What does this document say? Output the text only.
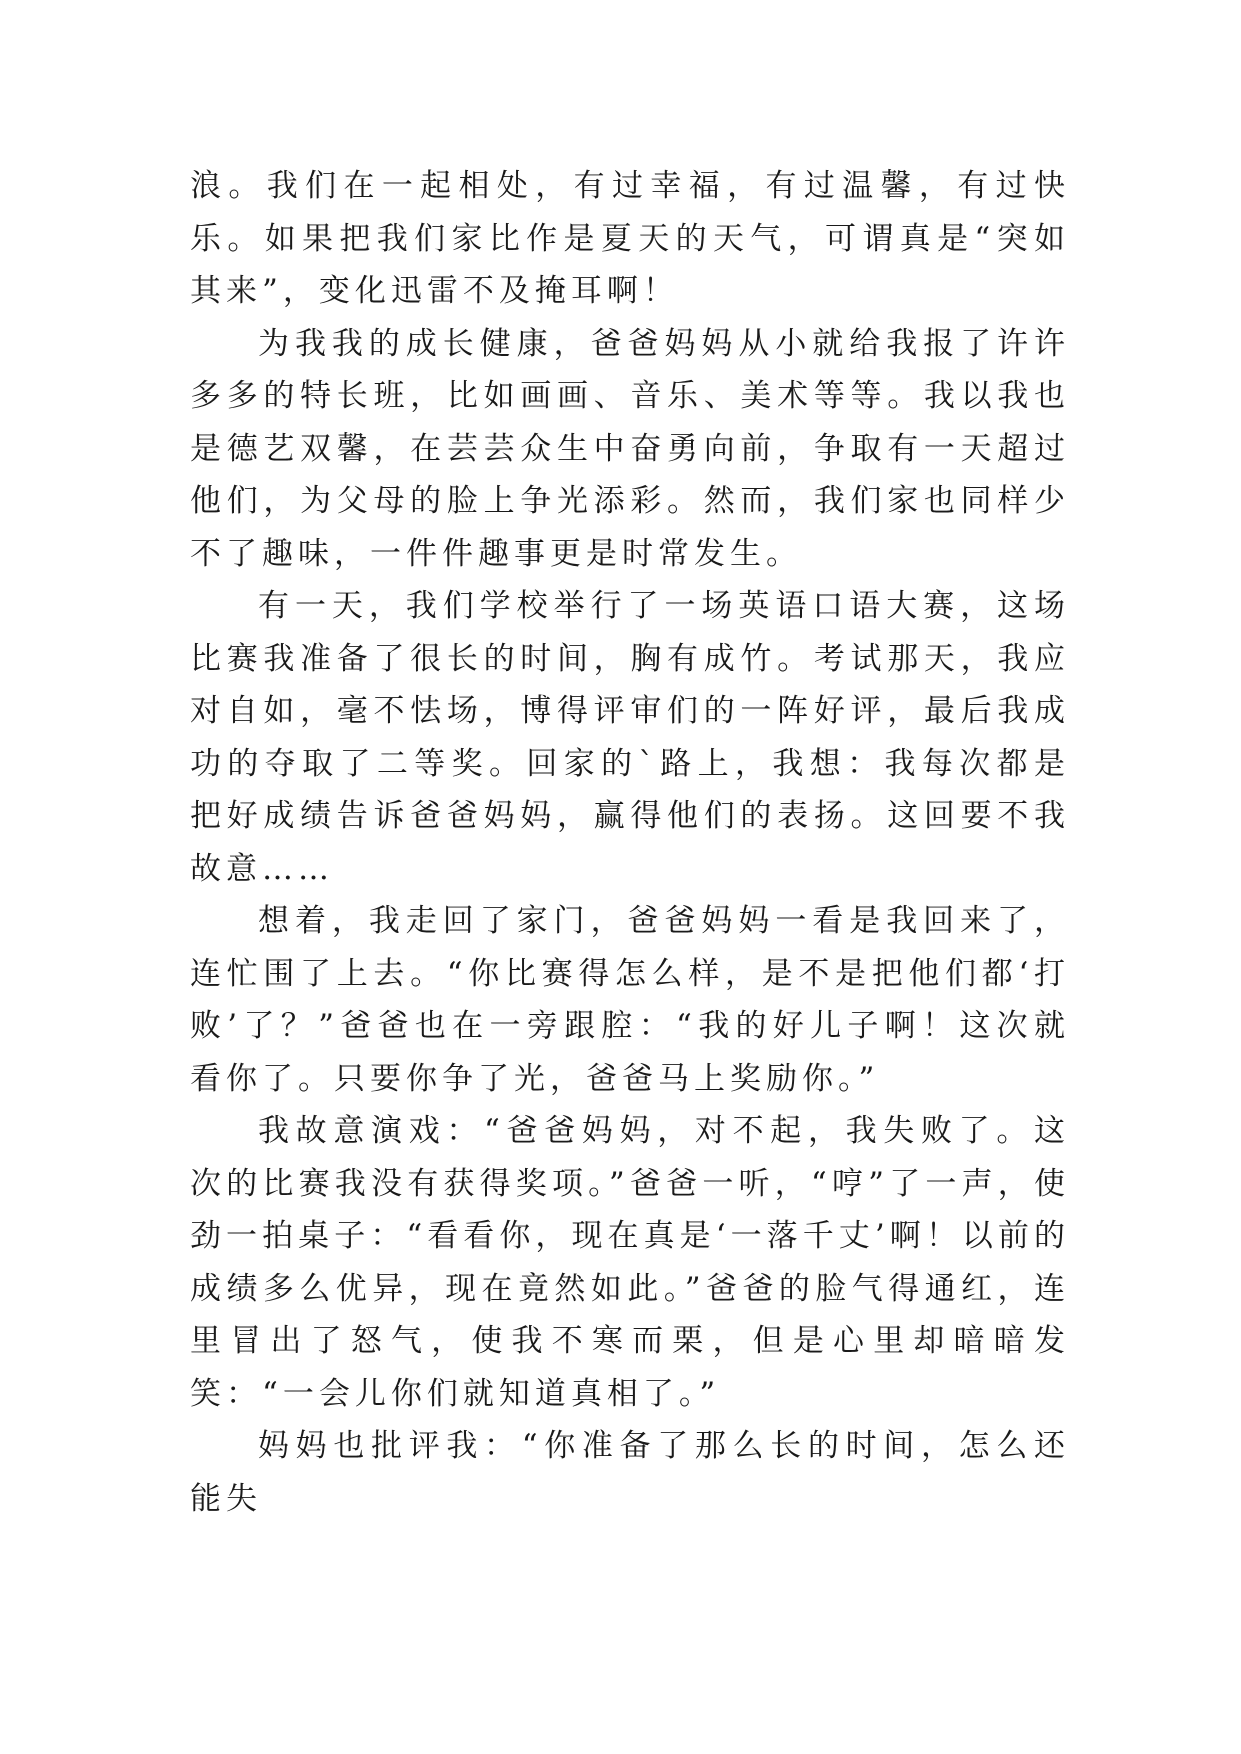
浪。我们在一起相处，有过幸福，有过温馨，有过快乐。如果把我们家比作是夏天的天气，可谓真是“突如其来”，变化迅雷不及掩耳啊！

为我我的成长健康，爸爸妈妈从小就给我报了许许多多的特长班，比如画画、音乐、美术等等。我以我也是德艺双馨，在芸芸众生中奋勇向前，争取有一天超过他们，为父母的脸上争光添彩。然而，我们家也同样少不了趣味，一件件趣事更是时常发生。

有一天，我们学校举行了一场英语口语大赛，这场比赛我准备了很长的时间，胸有成竹。考试那天，我应对自如，毫不怯场，博得评审们的一阵好评，最后我成功的夺取了二等奖。回家的`路上，我想：我每次都是把好成绩告诉爸爸妈妈，赢得他们的表扬。这回要不我故意……

想着，我走回了家门，爸爸妈妈一看是我回来了，连忙围了上去。“你比赛得怎么样，是不是把他们都‘打败’了？”爸爸也在一旁跟腔：“我的好儿子啊！这次就看你了。只要你争了光，爸爸马上奖励你。”

我故意演戏：“爸爸妈妈，对不起，我失败了。这次的比赛我没有获得奖项。”爸爸一听，“哼”了一声，使劲一拍桌子：“看看你，现在真是‘一落千丈’啊！以前的成绩多么优异，现在竟然如此。”爸爸的脸气得通红，连里冒出了怒气，使我不寒而栗，但是心里却暗暗发笑：“一会儿你们就知道真相了。”

妈妈也批评我：“你准备了那么长的时间，怎么还能失
